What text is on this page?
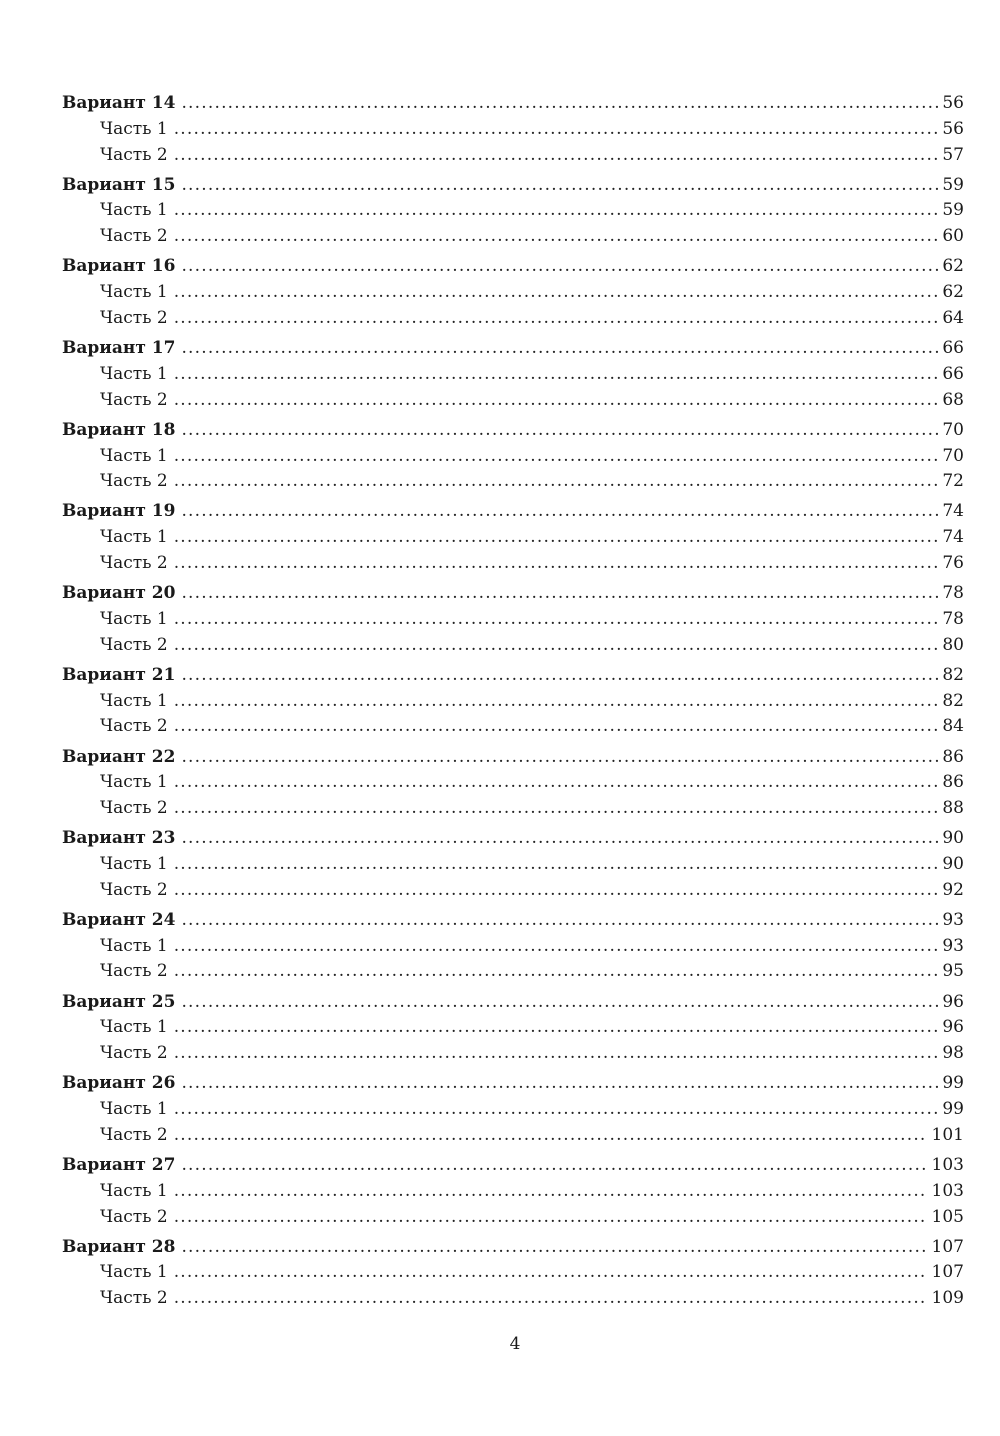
Вариант 14 .....	56
Часть 1 .....	56
Часть 2 .....	57
Вариант 15 .....	59
Часть 1 .....	59
Часть 2 .....	60
Вариант 16 .....	62
Часть 1 .....	62
Часть 2 .....	64
Вариант 17 .....	66
Часть 1 .....	66
Часть 2 .....	68
Вариант 18 .....	70
Часть 1 .....	70
Часть 2 .....	72
Вариант 19 .....	74
Часть 1 .....	74
Часть 2 .....	76
Вариант 20 .....	78
Часть 1 .....	78
Часть 2 .....	80
Вариант 21 .....	82
Часть 1 .....	82
Часть 2 .....	84
Вариант 22 .....	86
Часть 1 .....	86
Часть 2 .....	88
Вариант 23 .....	90
Часть 1 .....	90
Часть 2 .....	92
Вариант 24 .....	93
Часть 1 .....	93
Часть 2 .....	95
Вариант 25 .....	96
Часть 1 .....	96
Часть 2 .....	98
Вариант 26 .....	99
Часть 1 .....	99
Часть 2 .....	101
Вариант 27 .....	103
Часть 1 .....	103
Часть 2 .....	105
Вариант 28 .....	107
Часть 1 .....	107
Часть 2 .....	109
4
